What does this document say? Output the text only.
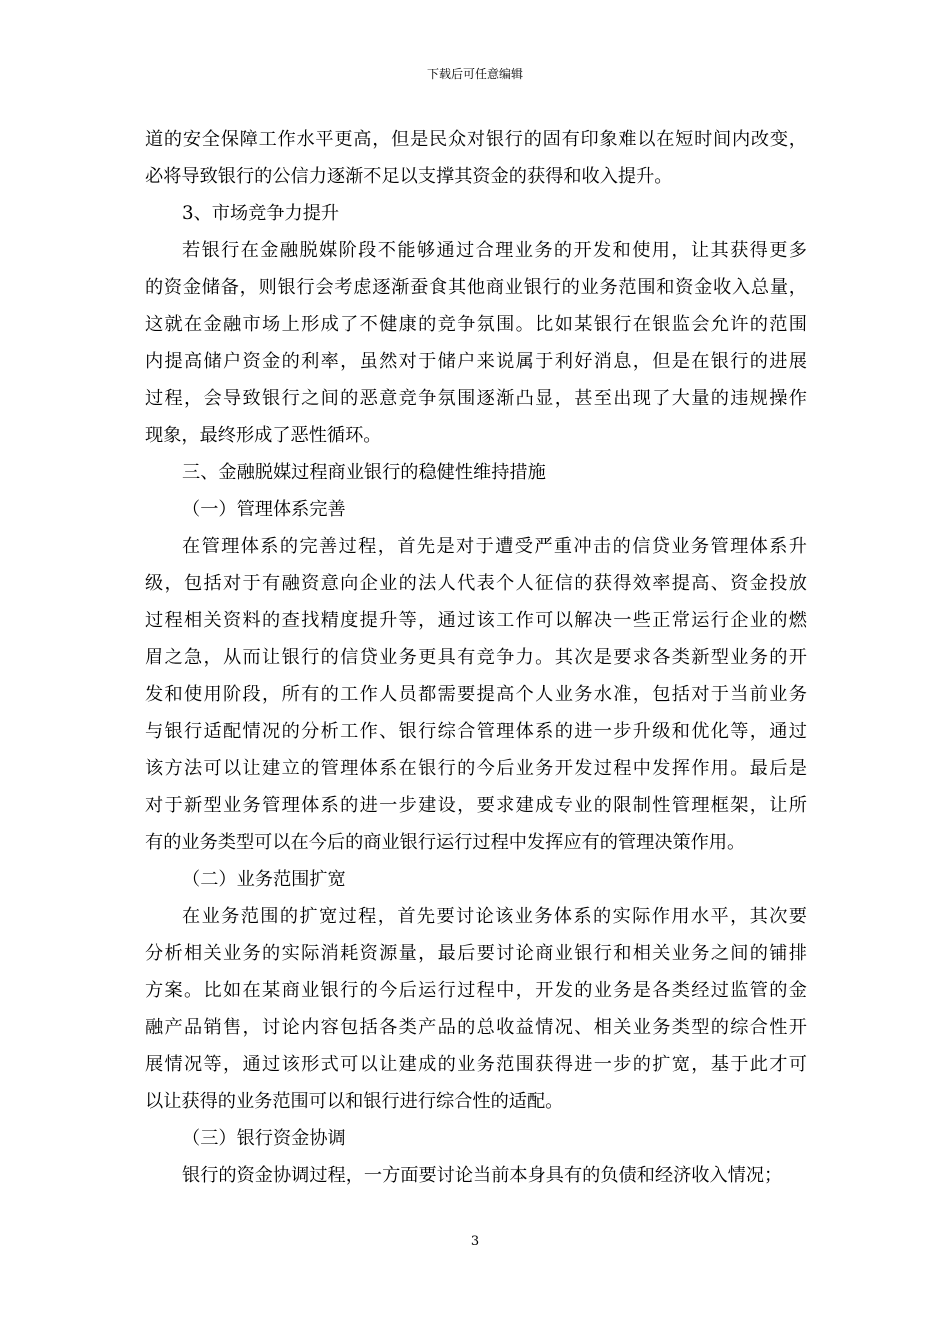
下载后可任意编辑
道的安全保障工作水平更高，但是民众对银行的固有印象难以在短时间内改变，
必将导致银行的公信力逐渐不足以支撑其资金的获得和收入提升。
3、市场竞争力提升
若银行在金融脱媒阶段不能够通过合理业务的开发和使用，让其获得更多
的资金储备，则银行会考虑逐渐蚕食其他商业银行的业务范围和资金收入总量，
这就在金融市场上形成了不健康的竞争氛围。比如某银行在银监会允许的范围
内提高储户资金的利率，虽然对于储户来说属于利好消息，但是在银行的进展
过程，会导致银行之间的恶意竞争氛围逐渐凸显，甚至出现了大量的违规操作
现象，最终形成了恶性循环。
三、金融脱媒过程商业银行的稳健性维持措施
（一）管理体系完善
在管理体系的完善过程，首先是对于遭受严重冲击的信贷业务管理体系升
级，包括对于有融资意向企业的法人代表个人征信的获得效率提高、资金投放
过程相关资料的查找精度提升等，通过该工作可以解决一些正常运行企业的燃
眉之急，从而让银行的信贷业务更具有竞争力。其次是要求各类新型业务的开
发和使用阶段，所有的工作人员都需要提高个人业务水准，包括对于当前业务
与银行适配情况的分析工作、银行综合管理体系的进一步升级和优化等，通过
该方法可以让建立的管理体系在银行的今后业务开发过程中发挥作用。最后是
对于新型业务管理体系的进一步建设，要求建成专业的限制性管理框架，让所
有的业务类型可以在今后的商业银行运行过程中发挥应有的管理决策作用。
（二）业务范围扩宽
在业务范围的扩宽过程，首先要讨论该业务体系的实际作用水平，其次要
分析相关业务的实际消耗资源量，最后要讨论商业银行和相关业务之间的铺排
方案。比如在某商业银行的今后运行过程中，开发的业务是各类经过监管的金
融产品销售，讨论内容包括各类产品的总收益情况、相关业务类型的综合性开
展情况等，通过该形式可以让建成的业务范围获得进一步的扩宽，基于此才可
以让获得的业务范围可以和银行进行综合性的适配。
（三）银行资金协调
银行的资金协调过程，一方面要讨论当前本身具有的负债和经济收入情况；
3
